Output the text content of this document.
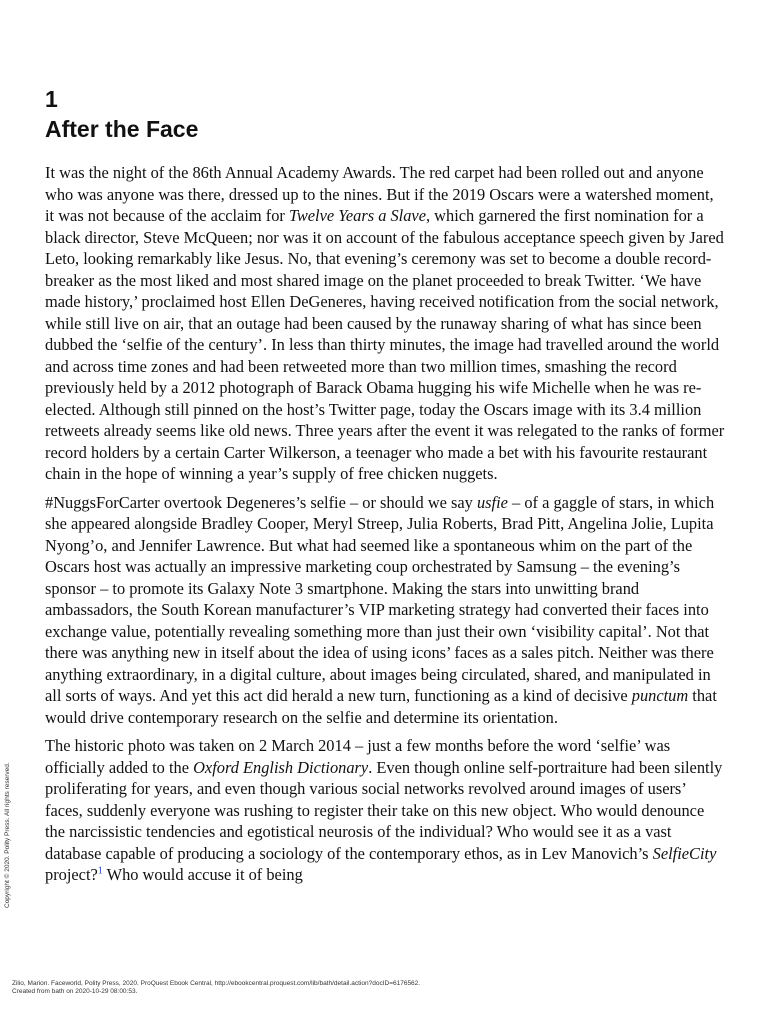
1
After the Face

It was the night of the 86th Annual Academy Awards. The red carpet had been rolled out and anyone who was anyone was there, dressed up to the nines. But if the 2019 Oscars were a watershed moment, it was not because of the acclaim for Twelve Years a Slave, which garnered the first nomination for a black director, Steve McQueen; nor was it on account of the fabulous acceptance speech given by Jared Leto, looking remarkably like Jesus. No, that evening’s ceremony was set to become a double record-breaker as the most liked and most shared image on the planet proceeded to break Twitter. ‘We have made history,’ proclaimed host Ellen DeGeneres, having received notification from the social network, while still live on air, that an outage had been caused by the runaway sharing of what has since been dubbed the ‘selfie of the century’. In less than thirty minutes, the image had travelled around the world and across time zones and had been retweeted more than two million times, smashing the record previously held by a 2012 photograph of Barack Obama hugging his wife Michelle when he was re-elected. Although still pinned on the host’s Twitter page, today the Oscars image with its 3.4 million retweets already seems like old news. Three years after the event it was relegated to the ranks of former record holders by a certain Carter Wilkerson, a teenager who made a bet with his favourite restaurant chain in the hope of winning a year’s supply of free chicken nuggets.

#NuggsForCarter overtook Degeneres’s selfie – or should we say usfie – of a gaggle of stars, in which she appeared alongside Bradley Cooper, Meryl Streep, Julia Roberts, Brad Pitt, Angelina Jolie, Lupita Nyong’o, and Jennifer Lawrence. But what had seemed like a spontaneous whim on the part of the Oscars host was actually an impressive marketing coup orchestrated by Samsung – the evening’s sponsor – to promote its Galaxy Note 3 smartphone. Making the stars into unwitting brand ambassadors, the South Korean manufacturer’s VIP marketing strategy had converted their faces into exchange value, potentially revealing something more than just their own ‘visibility capital’. Not that there was anything new in itself about the idea of using icons’ faces as a sales pitch. Neither was there anything extraordinary, in a digital culture, about images being circulated, shared, and manipulated in all sorts of ways. And yet this act did herald a new turn, functioning as a kind of decisive punctum that would drive contemporary research on the selfie and determine its orientation.

The historic photo was taken on 2 March 2014 – just a few months before the word ‘selfie’ was officially added to the Oxford English Dictionary. Even though online self-portraiture had been silently proliferating for years, and even though various social networks revolved around images of users’ faces, suddenly everyone was rushing to register their take on this new object. Who would denounce the narcissistic tendencies and egotistical neurosis of the individual? Who would see it as a vast database capable of producing a sociology of the contemporary ethos, as in Lev Manovich’s SelfieCity project?$^1$ Who would accuse it of being

Copyright © 2020. Polity Press. All rights reserved.
Zilio, Marion. Faceworld, Polity Press, 2020. ProQuest Ebook Central, http://ebookcentral.proquest.com/lib/bath/detail.action?docID=6176562.
Created from bath on 2020-10-29 08:00:53.
